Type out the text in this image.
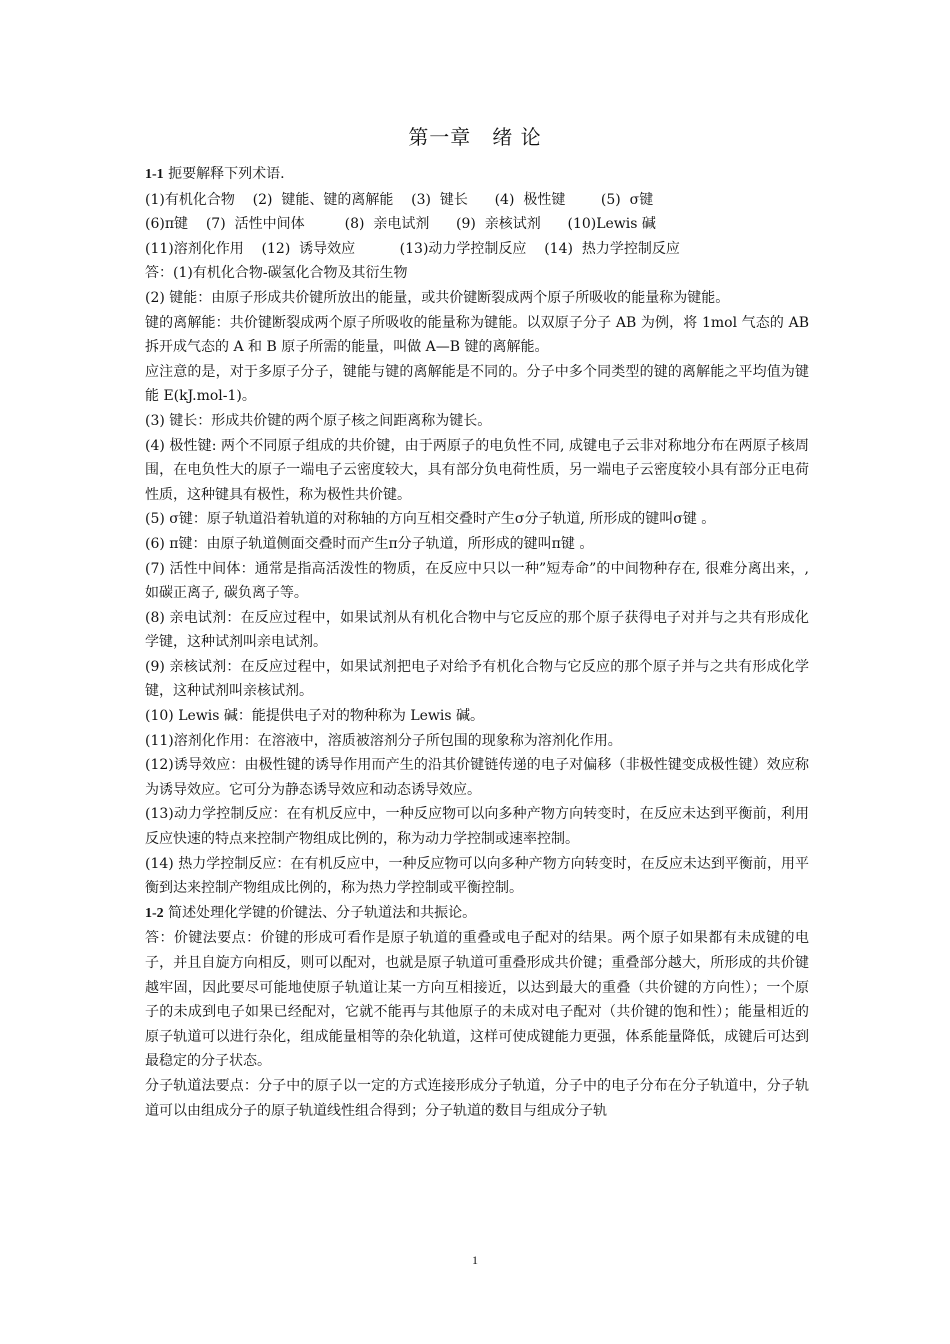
第一章　绪 论

1-1 扼要解释下列术语.

(1)有机化合物    (2)  键能、键的离解能    (3)  键长      (4)  极性键        (5)  σ键

(6)π键    (7)  活性中间体         (8)  亲电试剂      (9)  亲核试剂      (10)Lewis 碱

(11)溶剂化作用    (12)  诱导效应          (13)动力学控制反应    (14)  热力学控制反应

答：(1)有机化合物-碳氢化合物及其衍生物

(2) 键能：由原子形成共价键所放出的能量，或共价键断裂成两个原子所吸收的能量称为键能。

键的离解能：共价键断裂成两个原子所吸收的能量称为键能。以双原子分子 AB 为例，将 1mol 气态的 AB 拆开成气态的 A 和 B 原子所需的能量，叫做 A—B 键的离解能。

应注意的是，对于多原子分子，键能与键的离解能是不同的。分子中多个同类型的键的离解能之平均值为键能 E(kJ.mol-1)。

(3) 键长：形成共价键的两个原子核之间距离称为键长。

(4) 极性键: 两个不同原子组成的共价键，由于两原子的电负性不同, 成键电子云非对称地分布在两原子核周围，在电负性大的原子一端电子云密度较大，具有部分负电荷性质，另一端电子云密度较小具有部分正电荷性质，这种键具有极性，称为极性共价键。

(5) σ键：原子轨道沿着轨道的对称轴的方向互相交叠时产生σ分子轨道, 所形成的键叫σ键 。

(6) π键：由原子轨道侧面交叠时而产生π分子轨道，所形成的键叫π键 。

(7) 活性中间体：通常是指高活泼性的物质，在反应中只以一种”短寿命”的中间物种存在, 很难分离出来，,如碳正离子, 碳负离子等。

(8) 亲电试剂：在反应过程中，如果试剂从有机化合物中与它反应的那个原子获得电子对并与之共有形成化学键，这种试剂叫亲电试剂。

(9) 亲核试剂：在反应过程中，如果试剂把电子对给予有机化合物与它反应的那个原子并与之共有形成化学键，这种试剂叫亲核试剂。

(10) Lewis 碱：能提供电子对的物种称为 Lewis 碱。

(11)溶剂化作用：在溶液中，溶质被溶剂分子所包围的现象称为溶剂化作用。

(12)诱导效应：由极性键的诱导作用而产生的沿其价键链传递的电子对偏移（非极性键变成极性键）效应称为诱导效应。它可分为静态诱导效应和动态诱导效应。

(13)动力学控制反应：在有机反应中，一种反应物可以向多种产物方向转变时，在反应未达到平衡前，利用反应快速的特点来控制产物组成比例的，称为动力学控制或速率控制。

(14) 热力学控制反应：在有机反应中，一种反应物可以向多种产物方向转变时，在反应未达到平衡前，用平衡到达来控制产物组成比例的，称为热力学控制或平衡控制。

1-2 简述处理化学键的价键法、分子轨道法和共振论。

答：价键法要点：价键的形成可看作是原子轨道的重叠或电子配对的结果。两个原子如果都有未成键的电子，并且自旋方向相反，则可以配对，也就是原子轨道可重叠形成共价键；重叠部分越大，所形成的共价键越牢固，因此要尽可能地使原子轨道让某一方向互相接近，以达到最大的重叠（共价键的方向性）；一个原子的未成到电子如果已经配对，它就不能再与其他原子的未成对电子配对（共价键的饱和性）；能量相近的原子轨道可以进行杂化，组成能量相等的杂化轨道，这样可使成键能力更强，体系能量降低，成键后可达到最稳定的分子状态。

分子轨道法要点：分子中的原子以一定的方式连接形成分子轨道，分子中的电子分布在分子轨道中，分子轨道可以由组成分子的原子轨道线性组合得到；分子轨道的数目与组成分子轨

1
